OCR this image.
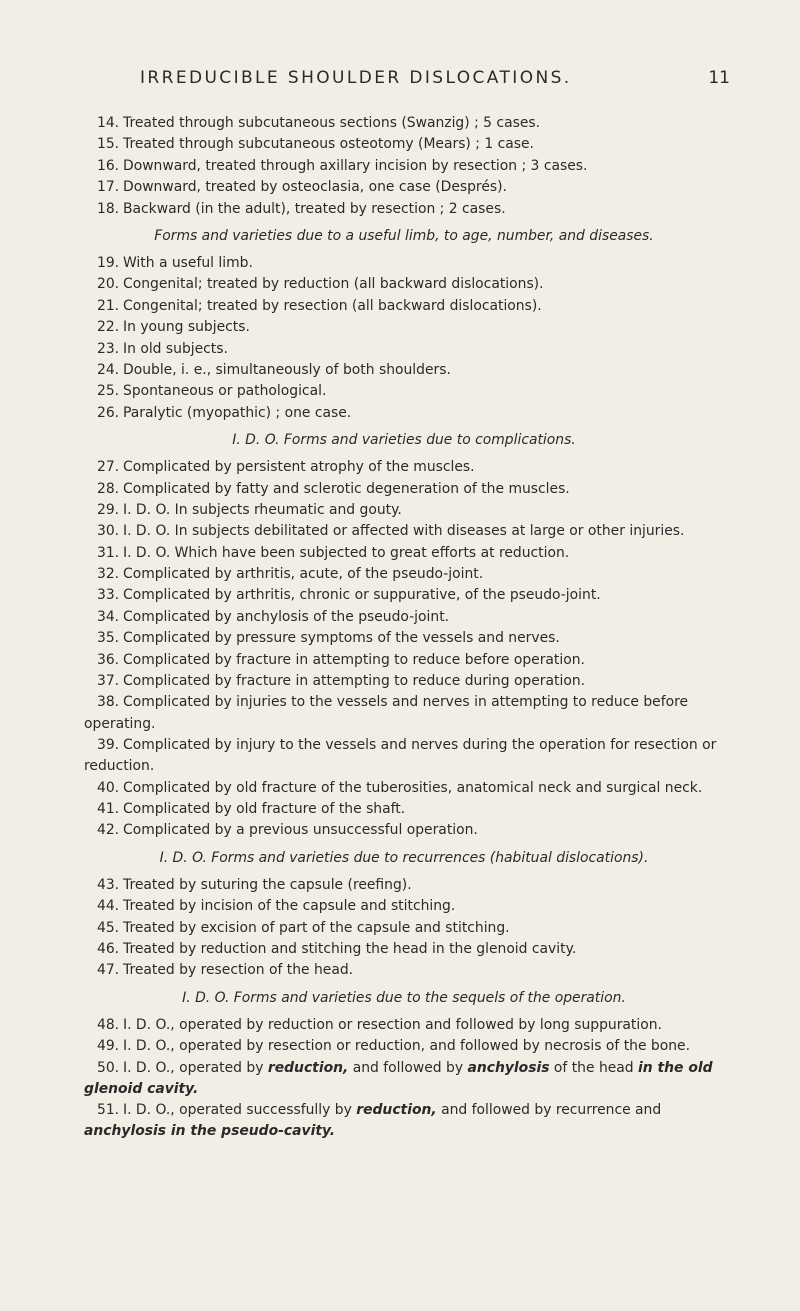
IRREDUCIBLE SHOULDER DISLOCATIONS.	11

14. Treated through subcutaneous sections (Swanzig) ; 5 cases.

15. Treated through subcutaneous osteotomy (Mears) ; 1 case.

16. Downward, treated through axillary incision by resection ; 3 cases.

17. Downward, treated by osteoclasia, one case (Després).

18. Backward (in the adult), treated by resection ; 2 cases.

Forms and varieties due to a useful limb, to age, number, and diseases.

19. With a useful limb.

20. Congenital; treated by reduction (all backward dislocations).

21. Congenital; treated by resection (all backward dislocations).

22. In young subjects.

23. In old subjects.

24. Double, i. e., simultaneously of both shoulders.

25. Spontaneous or pathological.

26. Paralytic (myopathic) ; one case.

I. D. O. Forms and varieties due to complications.

27. Complicated by persistent atrophy of the muscles.

28. Complicated by fatty and sclerotic degeneration of the muscles.

29. I. D. O. In subjects rheumatic and gouty.

30. I. D. O. In subjects debilitated or affected with diseases at large or other injuries.

31. I. D. O. Which have been subjected to great efforts at reduction.

32. Complicated by arthritis, acute, of the pseudo-joint.

33. Complicated by arthritis, chronic or suppurative, of the pseudo-joint.

34. Complicated by anchylosis of the pseudo-joint.

35. Complicated by pressure symptoms of the vessels and nerves.

36. Complicated by fracture in attempting to reduce before operation.

37. Complicated by fracture in attempting to reduce during operation.

38. Complicated by injuries to the vessels and nerves in attempting to reduce before operating.

39. Complicated by injury to the vessels and nerves during the operation for resection or reduction.

40. Complicated by old fracture of the tuberosities, anatomical neck and surgical neck.

41. Complicated by old fracture of the shaft.

42. Complicated by a previous unsuccessful operation.

I. D. O. Forms and varieties due to recurrences (habitual dislocations).

43. Treated by suturing the capsule (reefing).

44. Treated by incision of the capsule and stitching.

45. Treated by excision of part of the capsule and stitching.

46. Treated by reduction and stitching the head in the glenoid cavity.

47. Treated by resection of the head.

I. D. O. Forms and varieties due to the sequels of the operation.

48. I. D. O., operated by reduction or resection and followed by long suppuration.

49. I. D. O., operated by resection or reduction, and followed by necrosis of the bone.

50. I. D. O., operated by reduction, and followed by anchylosis of the head in the old glenoid cavity.

51. I. D. O., operated successfully by reduction, and followed by recurrence and anchylosis in the pseudo-cavity.
